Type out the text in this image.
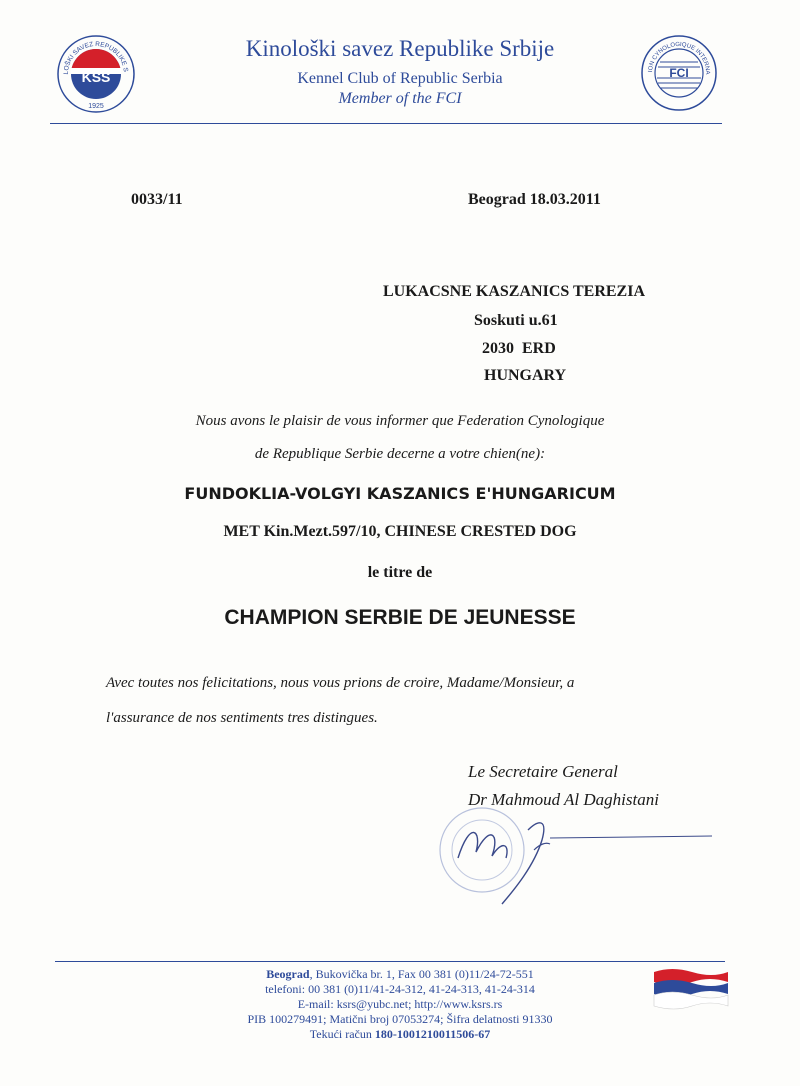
KSS
LOŠKI SAVEZ REPUBLIKE S
1925
FCI
ION CYNOLOGIQUE INTERNA
Kinološki savez Republike Srbije
Kennel Club of Republic Serbia
Member of the FCI
0033/11	Beograd 18.03.2011
LUKACSNE KASZANICS TEREZIA
Soskuti u.61
2030  ERD
HUNGARY
Nous avons le plaisir de vous informer que Federation Cynologique
de Republique Serbie decerne a votre chien(ne):
FUNDOKLIA-VOLGYI KASZANICS E'HUNGARICUM
MET Kin.Mezt.597/10, CHINESE CRESTED DOG
le titre de
CHAMPION SERBIE DE JEUNESSE
Avec toutes nos felicitations, nous vous prions de croire, Madame/Monsieur, a
l'assurance de nos sentiments tres distingues.
Le Secretaire General
Dr Mahmoud Al Daghistani
Beograd, Bukovička br. 1, Fax 00 381 (0)11/24-72-551
telefoni: 00 381 (0)11/41-24-312, 41-24-313, 41-24-314
E-mail: ksrs@yubc.net; http://www.ksrs.rs
PIB 100279491; Matični broj 07053274; Šifra delatnosti 91330
Tekući račun 180-1001210011506-67
